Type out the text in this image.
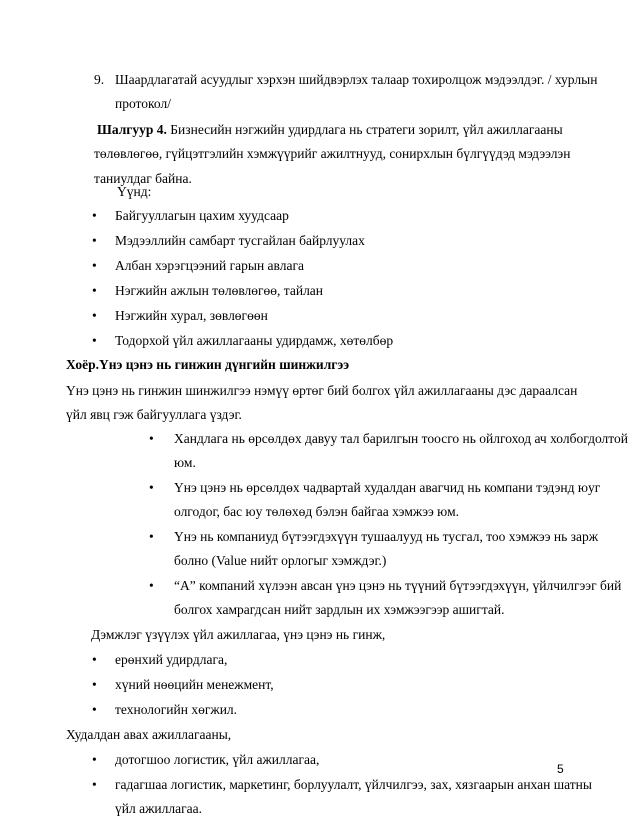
9. Шаардлагатай асуудлыг хэрхэн шийдвэрлэх талаар тохиролцож мэдээлдэг. / хурлын
протокол/
Шалгуур 4. Бизнесийн нэгжийн удирдлага нь стратеги зорилт, үйл ажиллагааны
төлөвлөгөө, гүйцэтгэлийн хэмжүүрийг ажилтнууд, сонирхлын бүлгүүдэд мэдээлэн
таниулдаг байна.
Үүнд:
• Байгууллагын цахим хуудсаар
• Мэдээллийн самбарт тусгайлан байрлуулах
• Албан хэрэгцээний гарын авлага
• Нэгжийн ажлын төлөвлөгөө, тайлан
• Нэгжийн хурал, зөвлөгөөн
• Тодорхой үйл ажиллагааны удирдамж, хөтөлбөр
Хоёр.Үнэ цэнэ нь гинжин дүнгийн шинжилгээ
Үнэ цэнэ нь гинжин шинжилгээ нэмүү өртөг бий болгох үйл ажиллагааны дэс дараалсан
үйл явц гэж байгууллага үздэг.
• Хандлага нь өрсөлдөх давуу тал барилгын тоосго нь ойлгоход ач холбогдолтой
юм.
• Үнэ цэнэ нь өрсөлдөх чадвартай худалдан авагчид нь компани тэдэнд юуг
олгодог, бас юу төлөхөд бэлэн байгаа хэмжээ юм.
• Үнэ нь компаниуд бүтээгдэхүүн тушаалууд нь тусгал, тоо хэмжээ нь зарж
болно (Value нийт орлогыг хэмждэг.)
• “А” компаний хүлээн авсан үнэ цэнэ нь түүний бүтээгдэхүүн, үйлчилгээг бий
болгох хамрагдсан нийт зардлын их хэмжээгээр ашигтай.
Дэмжлэг үзүүлэх үйл ажиллагаа, үнэ цэнэ нь гинж,
• ерөнхий удирдлага,
• хүний нөөцийн менежмент,
• технологийн хөгжил.
Худалдан авах ажиллагааны,
• дотогшоо логистик, үйл ажиллагаа,
• гадагшаа логистик, маркетинг, борлуулалт, үйлчилгээ, зах, хязгаарын анхан шатны
үйл ажиллагаа.
5
